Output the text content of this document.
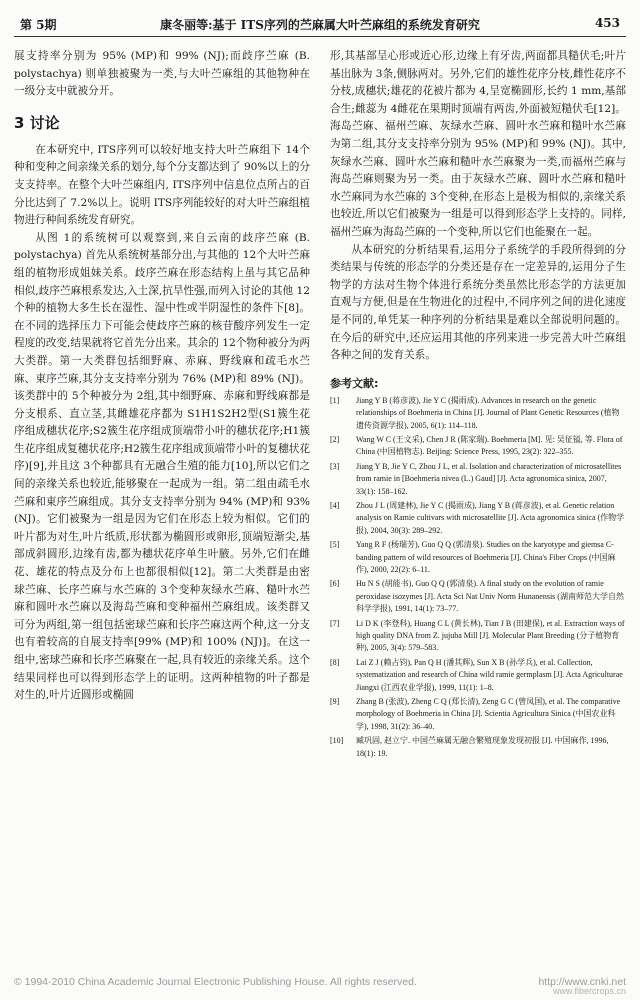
第 5期	康冬丽等:基于 ITS序列的苎麻属大叶苎麻组的系统发育研究	453

展支持率分别为 95% (MP)和 99% (NJ);而歧序苎麻 (B. polystachya) 则单独被聚为一类,与大叶苎麻组的其他物种在一级分支中就被分开。

3 讨论

在本研究中, ITS序列可以较好地支持大叶苎麻组下 14个种和变种之间亲缘关系的划分,每个分支都达到了 90%以上的分支支持率。在整个大叶苎麻组内, ITS序列中信息位点所占的百分比达到了 7.2%以上。说明 ITS序列能较好的对大叶苎麻组植物进行种间系统发育研究。

从图 1的系统树可以观察到,来自云南的歧序苎麻 (B. polystachya) 首先从系统树基部分出,与其他的 12个大叶苎麻组的植物形成姐妹关系。歧序苎麻在形态结构上虽与其它品种相似,歧序苎麻根系发达,入土深,抗旱性强,而列入讨论的其他 12个种的植物大多生长在湿性、湿中性或半阴湿性的条件下[8]。在不同的选择压力下可能会使歧序苎麻的核苷酸序列发生一定程度的改变,结果就将它首先分出来。其余的 12个物种被分为两大类群。第一大类群包括细野麻、赤麻、野线麻和疏毛水苎麻、東序苎麻,其分支支持率分别为 76% (MP)和 89% (NJ)。该类群中的 5个种被分为 2组,其中细野麻、赤麻和野线麻都是分支根系、直立茎,其雌雄花序都为 S1H1S2H2型(S1簇生花序组成穗状花序;S2簇生花序组成顶端带小叶的穗状花序;H1簇生花序组成复穗状花序;H2簇生花序组成顶端带小叶的复穗状花序)[9],并且这 3个种都具有无融合生殖的能力[10],所以它们之间的亲缘关系也较近,能够聚在一起成为一组。第二组由疏毛水苎麻和東序苎麻组成。其分支支持率分别为 94% (MP)和 93% (NJ)。它们被聚为一组是因为它们在形态上较为相似。它们的叶片都为对生,叶片纸质,形状都为椭圆形或卵形,顶端短渐尖,基部成斜圆形,边缘有齿,都为穗状花序单生叶腋。另外,它们在雌花、雄花的特点及分布上也都很相似[12]。第二大类群是由密球苎麻、长序苎麻与水苎麻的 3个变种灰绿水苎麻、糙叶水苎麻和圆叶水苎麻以及海岛苎麻和变种福州苎麻组成。该类群又可分为两组,第一组包括密球苎麻和长序苎麻这两个种,这一分支也有着较高的自展支持率[99% (MP)和 100% (NJ)]。在这一组中,密球苎麻和长序苎麻聚在一起,具有较近的亲缘关系。这个结果同样也可以得到形态学上的证明。这两种植物的叶子都是对生的,叶片近圆形或椭圆

形,其基部呈心形或近心形,边缘上有牙齿,两面都具糙伏毛;叶片基出脉为 3条,侧脉两对。另外,它们的雄性花序分枝,雌性花序不分枝,成穗状;雄花的花被片都为 4,呈宽椭圆形,长约 1 mm,基部合生;雌蕊为 4雌花在果期时顶端有两齿,外面被短糙伏毛[12]。海岛苎麻、福州苎麻、灰绿水苎麻、圆叶水苎麻和糙叶水苎麻为第二组,其分支支持率分别为 95% (MP)和 99% (NJ)。其中,灰绿水苎麻、圆叶水苎麻和糙叶水苎麻聚为一类,而福州苎麻与海岛苎麻则聚为另一类。由于灰绿水苎麻、圆叶水苎麻和糙叶水苎麻同为水苎麻的 3个变种,在形态上是极为相似的,亲缘关系也较近,所以它们被聚为一组是可以得到形态学上支持的。同样,福州苎麻为海岛苎麻的一个变种,所以它们也能聚在一起。

从本研究的分析结果看,运用分子系统学的手段所得到的分类结果与传统的形态学的分类还是存在一定差异的,运用分子生物学的方法对生物个体进行系统分类虽然比形态学的方法更加直观与方便,但是在生物进化的过程中,不同序列之间的进化速度是不同的,单凭某一种序列的分析结果是难以全部说明问题的。在今后的研究中,还应运用其他的序列来进一步完善大叶苎麻组各种之间的发育关系。

参考文献:
[1] Jiang Y B (蒋彦波), Jie Y C (揭雨成). Advances in research on the genetic relationships of Boehmeria in China [J]. Journal of Plant Genetic Resources (植物遗传资源学报), 2005, 6(1): 114–118.
[2] Wang W C (王文采), Chen J R (陈家瑞). Boehmeria [M]. 见: 吴征镒, 等. Flora of China (中国植物志). Beijing: Science Press, 1995, 23(2): 322–355.
[3] Jiang Y B, Jie Y C, Zhou J L, et al. Isolation and characterization of microsatellites from ramie in [Boehmeria nivea (L.) Gaud] [J]. Acta agronomica sinica, 2007, 33(1): 158–162.
[4] Zhou J L (周建林), Jie Y C (揭雨成), Jiang Y B (蒋彦波), et al. Genetic relation analysis on Ramie cultivars with microsatellite [J]. Acta agronomica sinica (作物学报), 2004, 30(3): 289–292.
[5] Yang R F (杨瑞芳), Guo Q Q (郭清泉). Studies on the karyotype and giemsa C-banding pattern of wild resources of Boehmeria [J]. China's Fiber Crops (中国麻作), 2000, 22(2): 6–11.
[6] Hu N S (胡能书), Guo Q Q (郭清泉). A final study on the evolution of ramie peroxidase isozymes [J]. Acta Sci Nat Univ Norm Hunanensis (湖南师范大学自然科学学报), 1991, 14(1): 73–77.
[7] Li D K (李登科), Huang C L (黄长林), Tian J B (田建保), et al. Extraction ways of high quality DNA from Z. jujuba Mill [J]. Molecular Plant Breeding (分子植物育种), 2005, 3(4): 579–583.
[8] Lai Z J (赖占钧), Pan Q H (潘其辉), Sun X B (孙学兵), et al. Collection, systematization and research of China wild ramie germplasm [J]. Acta Agriculturae Jiangxi (江西农业学报), 1999, 11(1): 1–8.
[9] Zhang B (张波), Zheng C Q (郑长清), Zeng G C (曾凤国), et al. The comparative morphology of Boehmeria in China [J]. Scientia Agricultura Sinica (中国农业科学), 1998, 31(2): 36–40.
[10] 臧巩固, 赵立宁. 中国苎麻属无融合繁殖现象发现初报 [J]. 中国麻作, 1996, 18(1): 19.
© 1994-2010 China Academic Journal Electronic Publishing House. All rights reserved.	http://www.cnki.net
www.fibercrops.cn
